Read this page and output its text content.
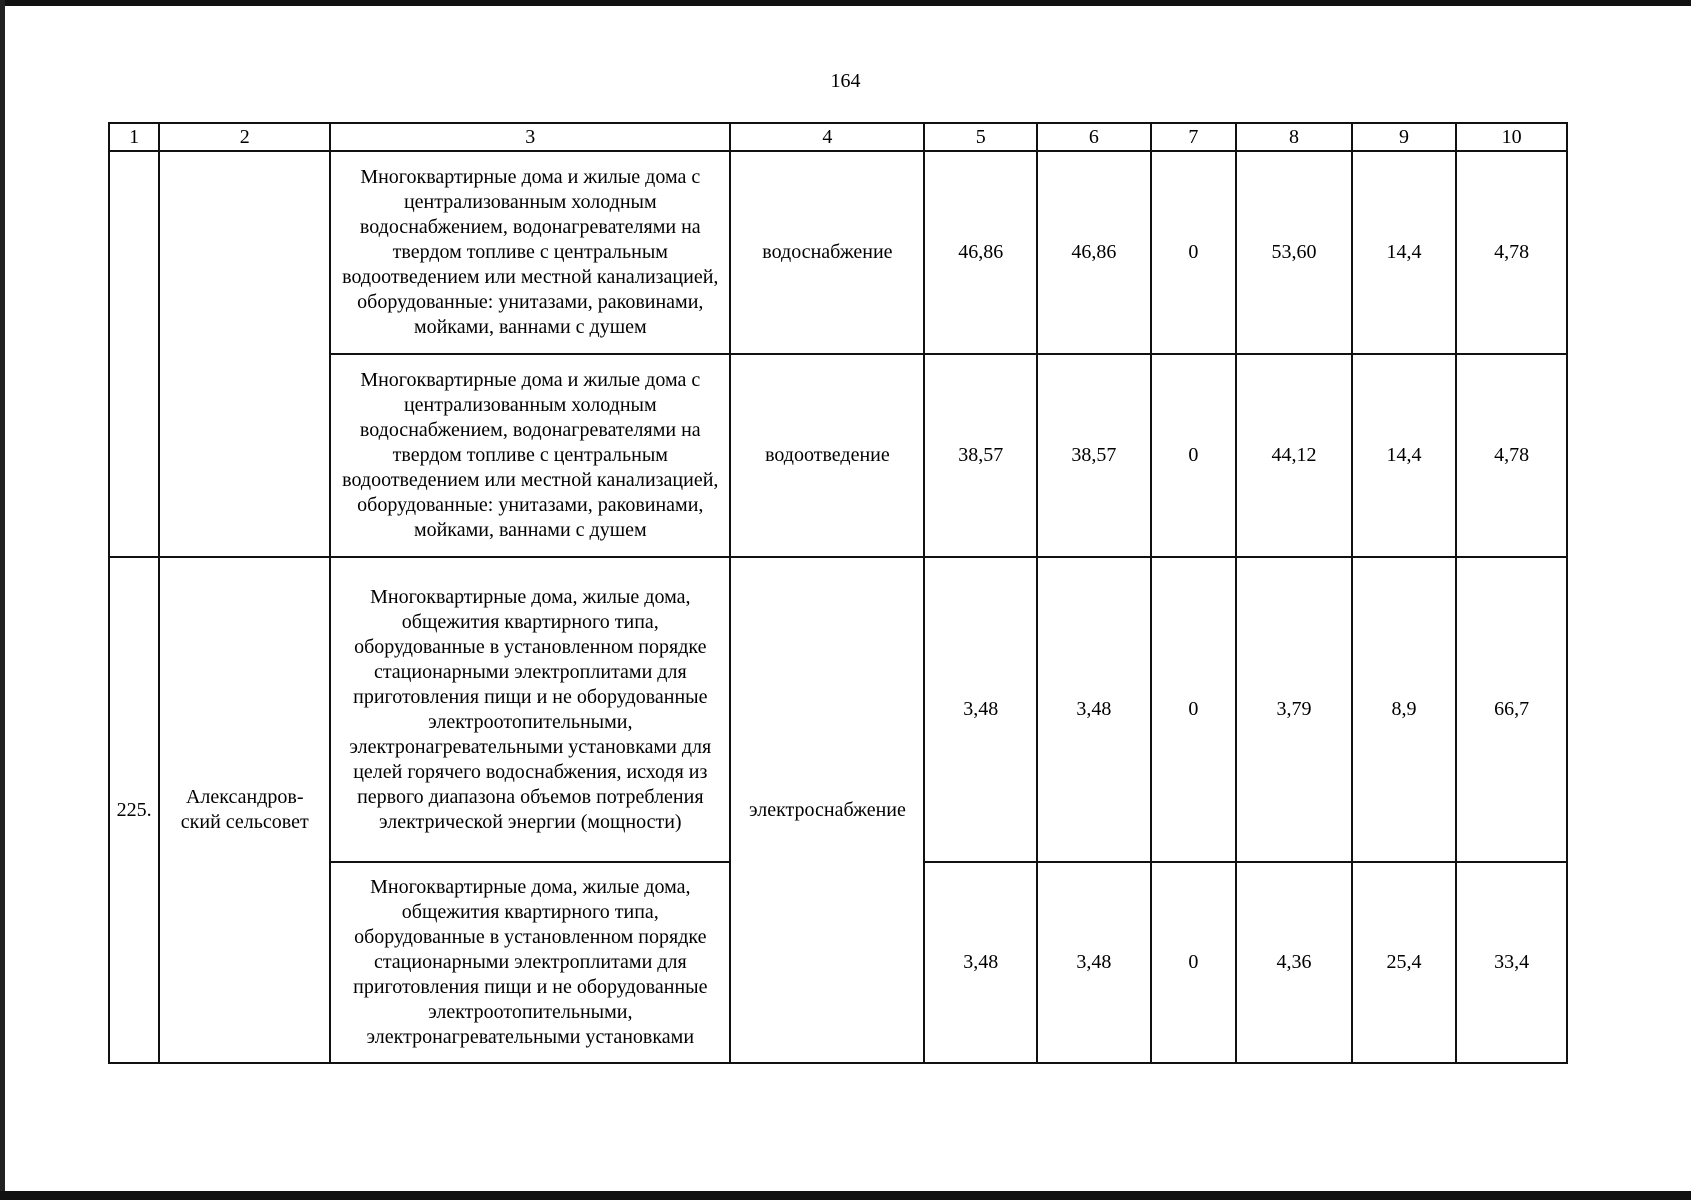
164
1	2	3	4	5	6	7	8	9	10
		Многоквартирные дома и жилые дома с централизованным холодным водоснабжением, водонагревателями на твердом топливе с центральным водоотведением или местной канализацией, оборудованные: унитазами, раковинами, мойками, ваннами с душем	водоснабжение	46,86	46,86	0	53,60	14,4	4,78
		Многоквартирные дома и жилые дома с централизованным холодным водоснабжением, водонагревателями на твердом топливе с центральным водоотведением или местной канализацией, оборудованные: унитазами, раковинами, мойками, ваннами с душем	водоотведение	38,57	38,57	0	44,12	14,4	4,78
225.	Александров-ский сельсовет	Многоквартирные дома, жилые дома, общежития квартирного типа, оборудованные в установленном порядке стационарными электроплитами для приготовления пищи и не оборудованные электроотопительными, электронагревательными установками для целей горячего водоснабжения, исходя из первого диапазона объемов потребления электрической энергии (мощности)	электроснабжение	3,48	3,48	0	3,79	8,9	66,7
		Многоквартирные дома, жилые дома, общежития квартирного типа, оборудованные в установленном порядке стационарными электроплитами для приготовления пищи и не оборудованные электроотопительными, электронагревательными установками		3,48	3,48	0	4,36	25,4	33,4
